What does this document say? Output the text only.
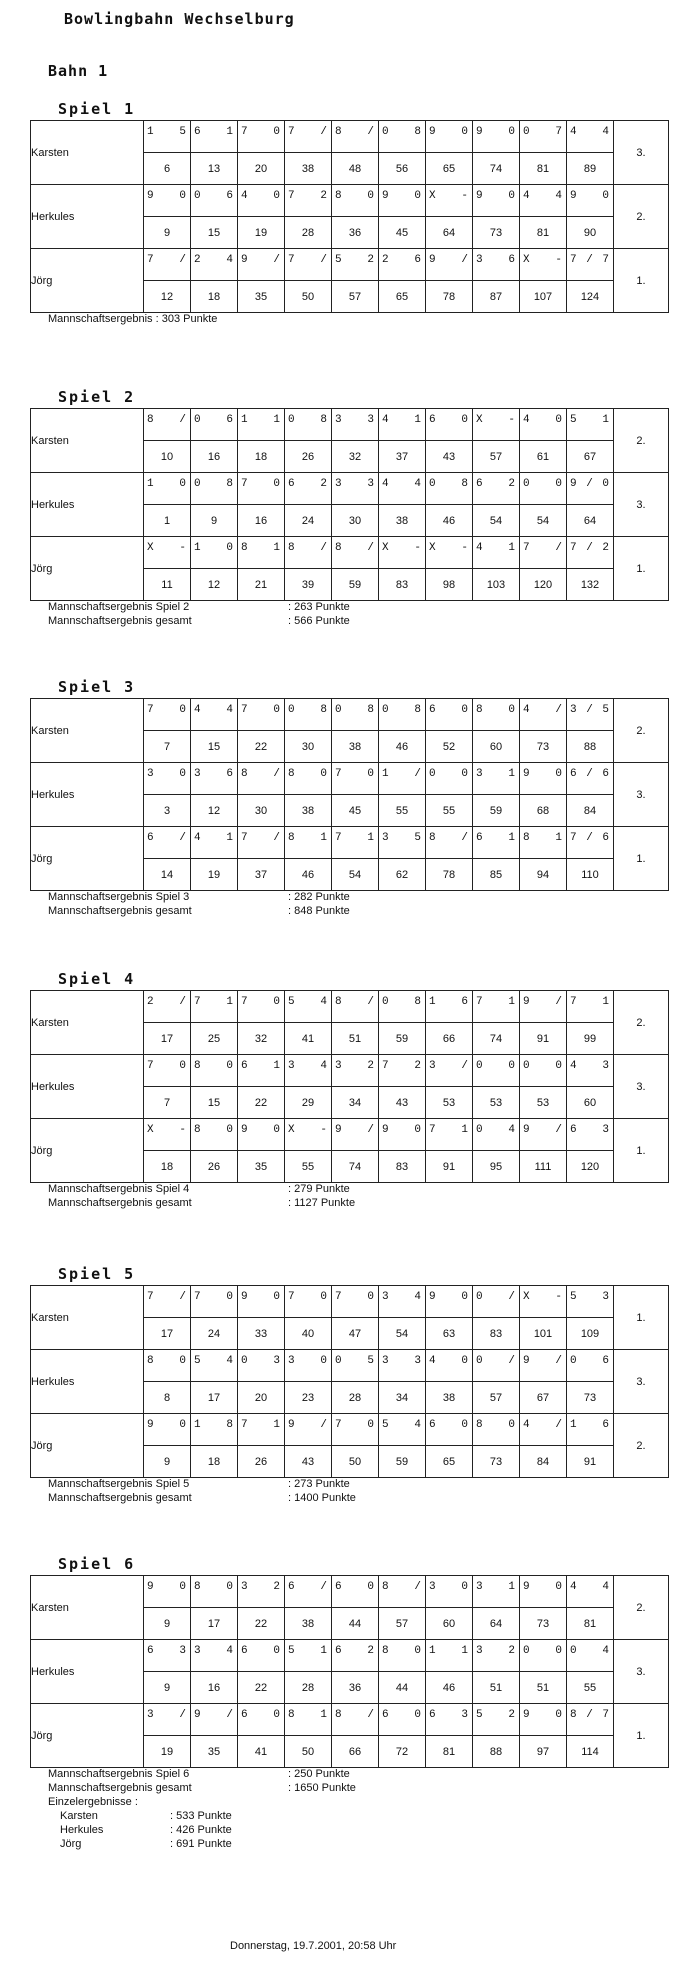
Bowlingbahn Wechselburg
Bahn 1
Spiel 1
Karsten	1 5	6 1	7 0	7 /	8 /	0 8	9 0	9 0	0 7	4 4	3.
	6	13	20	38	48	56	65	74	81	89	
Herkules	9 0	0 6	4 0	7 2	8 0	9 0	X -	9 0	4 4	9 0	2.
	9	15	19	28	36	45	64	73	81	90	
Jörg	7 /	2 4	9 /	7 /	5 2	2 6	9 /	3 6	X -	7 / 7	1.
	12	18	35	50	57	65	78	87	107	124	
Mannschaftsergebnis : 303 Punkte
Spiel 2
Karsten	8 /	0 6	1 1	0 8	3 3	4 1	6 0	X -	4 0	5 1	2.
	10	16	18	26	32	37	43	57	61	67	
Herkules	1 0	0 8	7 0	6 2	3 3	4 4	0 8	6 2	0 0	9 / 0	3.
	1	9	16	24	30	38	46	54	54	64	
Jörg	X -	1 0	8 1	8 /	8 /	X -	X -	4 1	7 /	7 / 2	1.
	11	12	21	39	59	83	98	103	120	132	
Mannschaftsergebnis Spiel 2	: 263 Punkte
Mannschaftsergebnis gesamt	: 566 Punkte
Spiel 3
Karsten	7 0	4 4	7 0	0 8	0 8	0 8	6 0	8 0	4 /	3 / 5	2.
	7	15	22	30	38	46	52	60	73	88	
Herkules	3 0	3 6	8 /	8 0	7 0	1 /	0 0	3 1	9 0	6 / 6	3.
	3	12	30	38	45	55	55	59	68	84	
Jörg	6 /	4 1	7 /	8 1	7 1	3 5	8 /	6 1	8 1	7 / 6	1.
	14	19	37	46	54	62	78	85	94	110	
Mannschaftsergebnis Spiel 3	: 282 Punkte
Mannschaftsergebnis gesamt	: 848 Punkte
Spiel 4
Karsten	2 /	7 1	7 0	5 4	8 /	0 8	1 6	7 1	9 /	7 1	2.
	17	25	32	41	51	59	66	74	91	99	
Herkules	7 0	8 0	6 1	3 4	3 2	7 2	3 /	0 0	0 0	4 3	3.
	7	15	22	29	34	43	53	53	53	60	
Jörg	X -	8 0	9 0	X -	9 /	9 0	7 1	0 4	9 /	6 3	1.
	18	26	35	55	74	83	91	95	111	120	
Mannschaftsergebnis Spiel 4	: 279 Punkte
Mannschaftsergebnis gesamt	: 1127 Punkte
Spiel 5
Karsten	7 /	7 0	9 0	7 0	7 0	3 4	9 0	0 /	X -	5 3	1.
	17	24	33	40	47	54	63	83	101	109	
Herkules	8 0	5 4	0 3	3 0	0 5	3 3	4 0	0 /	9 /	0 6	3.
	8	17	20	23	28	34	38	57	67	73	
Jörg	9 0	1 8	7 1	9 /	7 0	5 4	6 0	8 0	4 /	1 6	2.
	9	18	26	43	50	59	65	73	84	91	
Mannschaftsergebnis Spiel 5	: 273 Punkte
Mannschaftsergebnis gesamt	: 1400 Punkte
Spiel 6
Karsten	9 0	8 0	3 2	6 /	6 0	8 /	3 0	3 1	9 0	4 4	2.
	9	17	22	38	44	57	60	64	73	81	
Herkules	6 3	3 4	6 0	5 1	6 2	8 0	1 1	3 2	0 0	0 4	3.
	9	16	22	28	36	44	46	51	51	55	
Jörg	3 /	9 /	6 0	8 1	8 /	6 0	6 3	5 2	9 0	8 / 7	1.
	19	35	41	50	66	72	81	88	97	114	
Mannschaftsergebnis Spiel 6	: 250 Punkte
Mannschaftsergebnis gesamt	: 1650 Punkte
Einzelergebnisse :
Karsten	: 533 Punkte
Herkules	: 426 Punkte
Jörg	: 691 Punkte

Donnerstag, 19.7.2001, 20:58 Uhr
